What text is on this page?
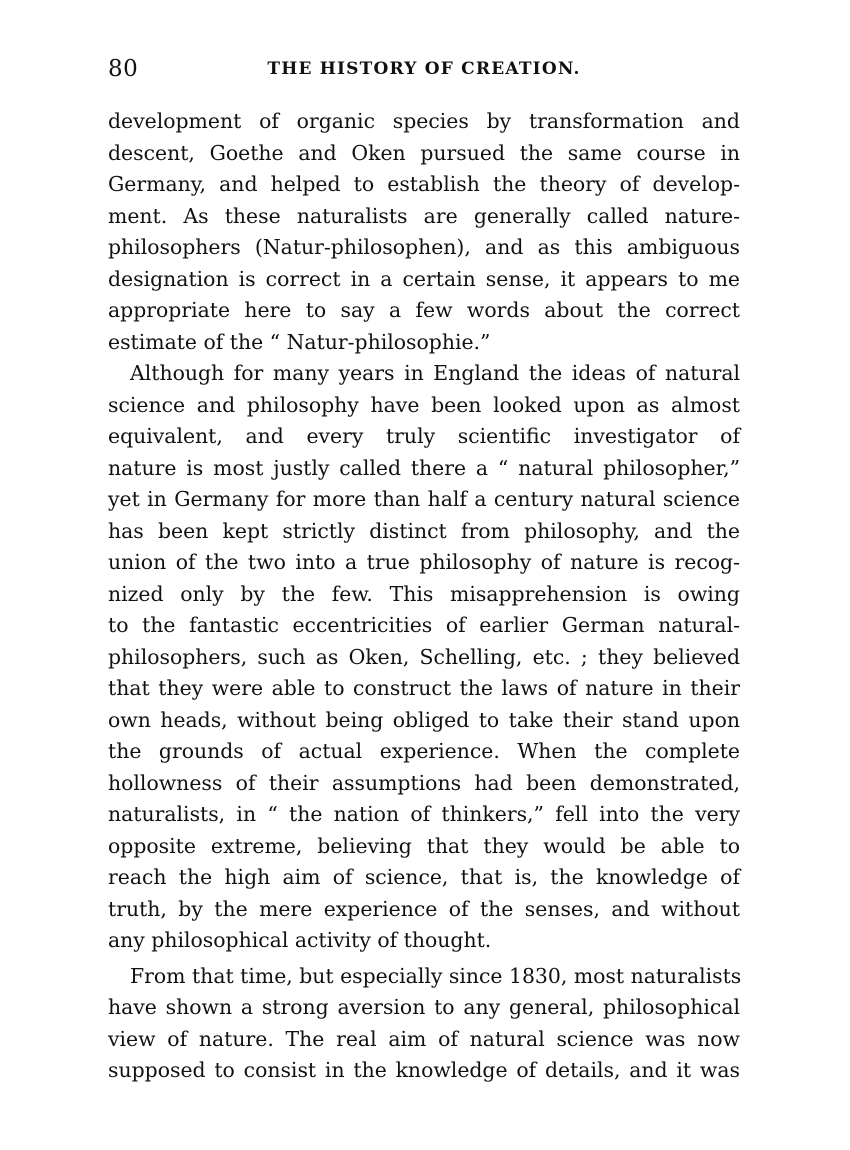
80	THE HISTORY OF CREATION.

development of organic species by transformation and
descent, Goethe and Oken pursued the same course in
Germany, and helped to establish the theory of develop-
ment. As these naturalists are generally called nature-
philosophers (Natur-philosophen), and as this ambiguous
designation is correct in a certain sense, it appears to me
appropriate here to say a few words about the correct
estimate of the “ Natur-philosophie.”

Although for many years in England the ideas of natural
science and philosophy have been looked upon as almost
equivalent, and every truly scientific investigator of
nature is most justly called there a “ natural philosopher,”
yet in Germany for more than half a century natural science
has been kept strictly distinct from philosophy, and the
union of the two into a true philosophy of nature is recog-
nized only by the few. This misapprehension is owing
to the fantastic eccentricities of earlier German natural-
philosophers, such as Oken, Schelling, etc. ; they believed
that they were able to construct the laws of nature in their
own heads, without being obliged to take their stand upon
the grounds of actual experience. When the complete
hollowness of their assumptions had been demonstrated,
naturalists, in “ the nation of thinkers,” fell into the very
opposite extreme, believing that they would be able to
reach the high aim of science, that is, the knowledge of
truth, by the mere experience of the senses, and without
any philosophical activity of thought.

From that time, but especially since 1830, most naturalists
have shown a strong aversion to any general, philosophical
view of nature. The real aim of natural science was now
supposed to consist in the knowledge of details, and it was
